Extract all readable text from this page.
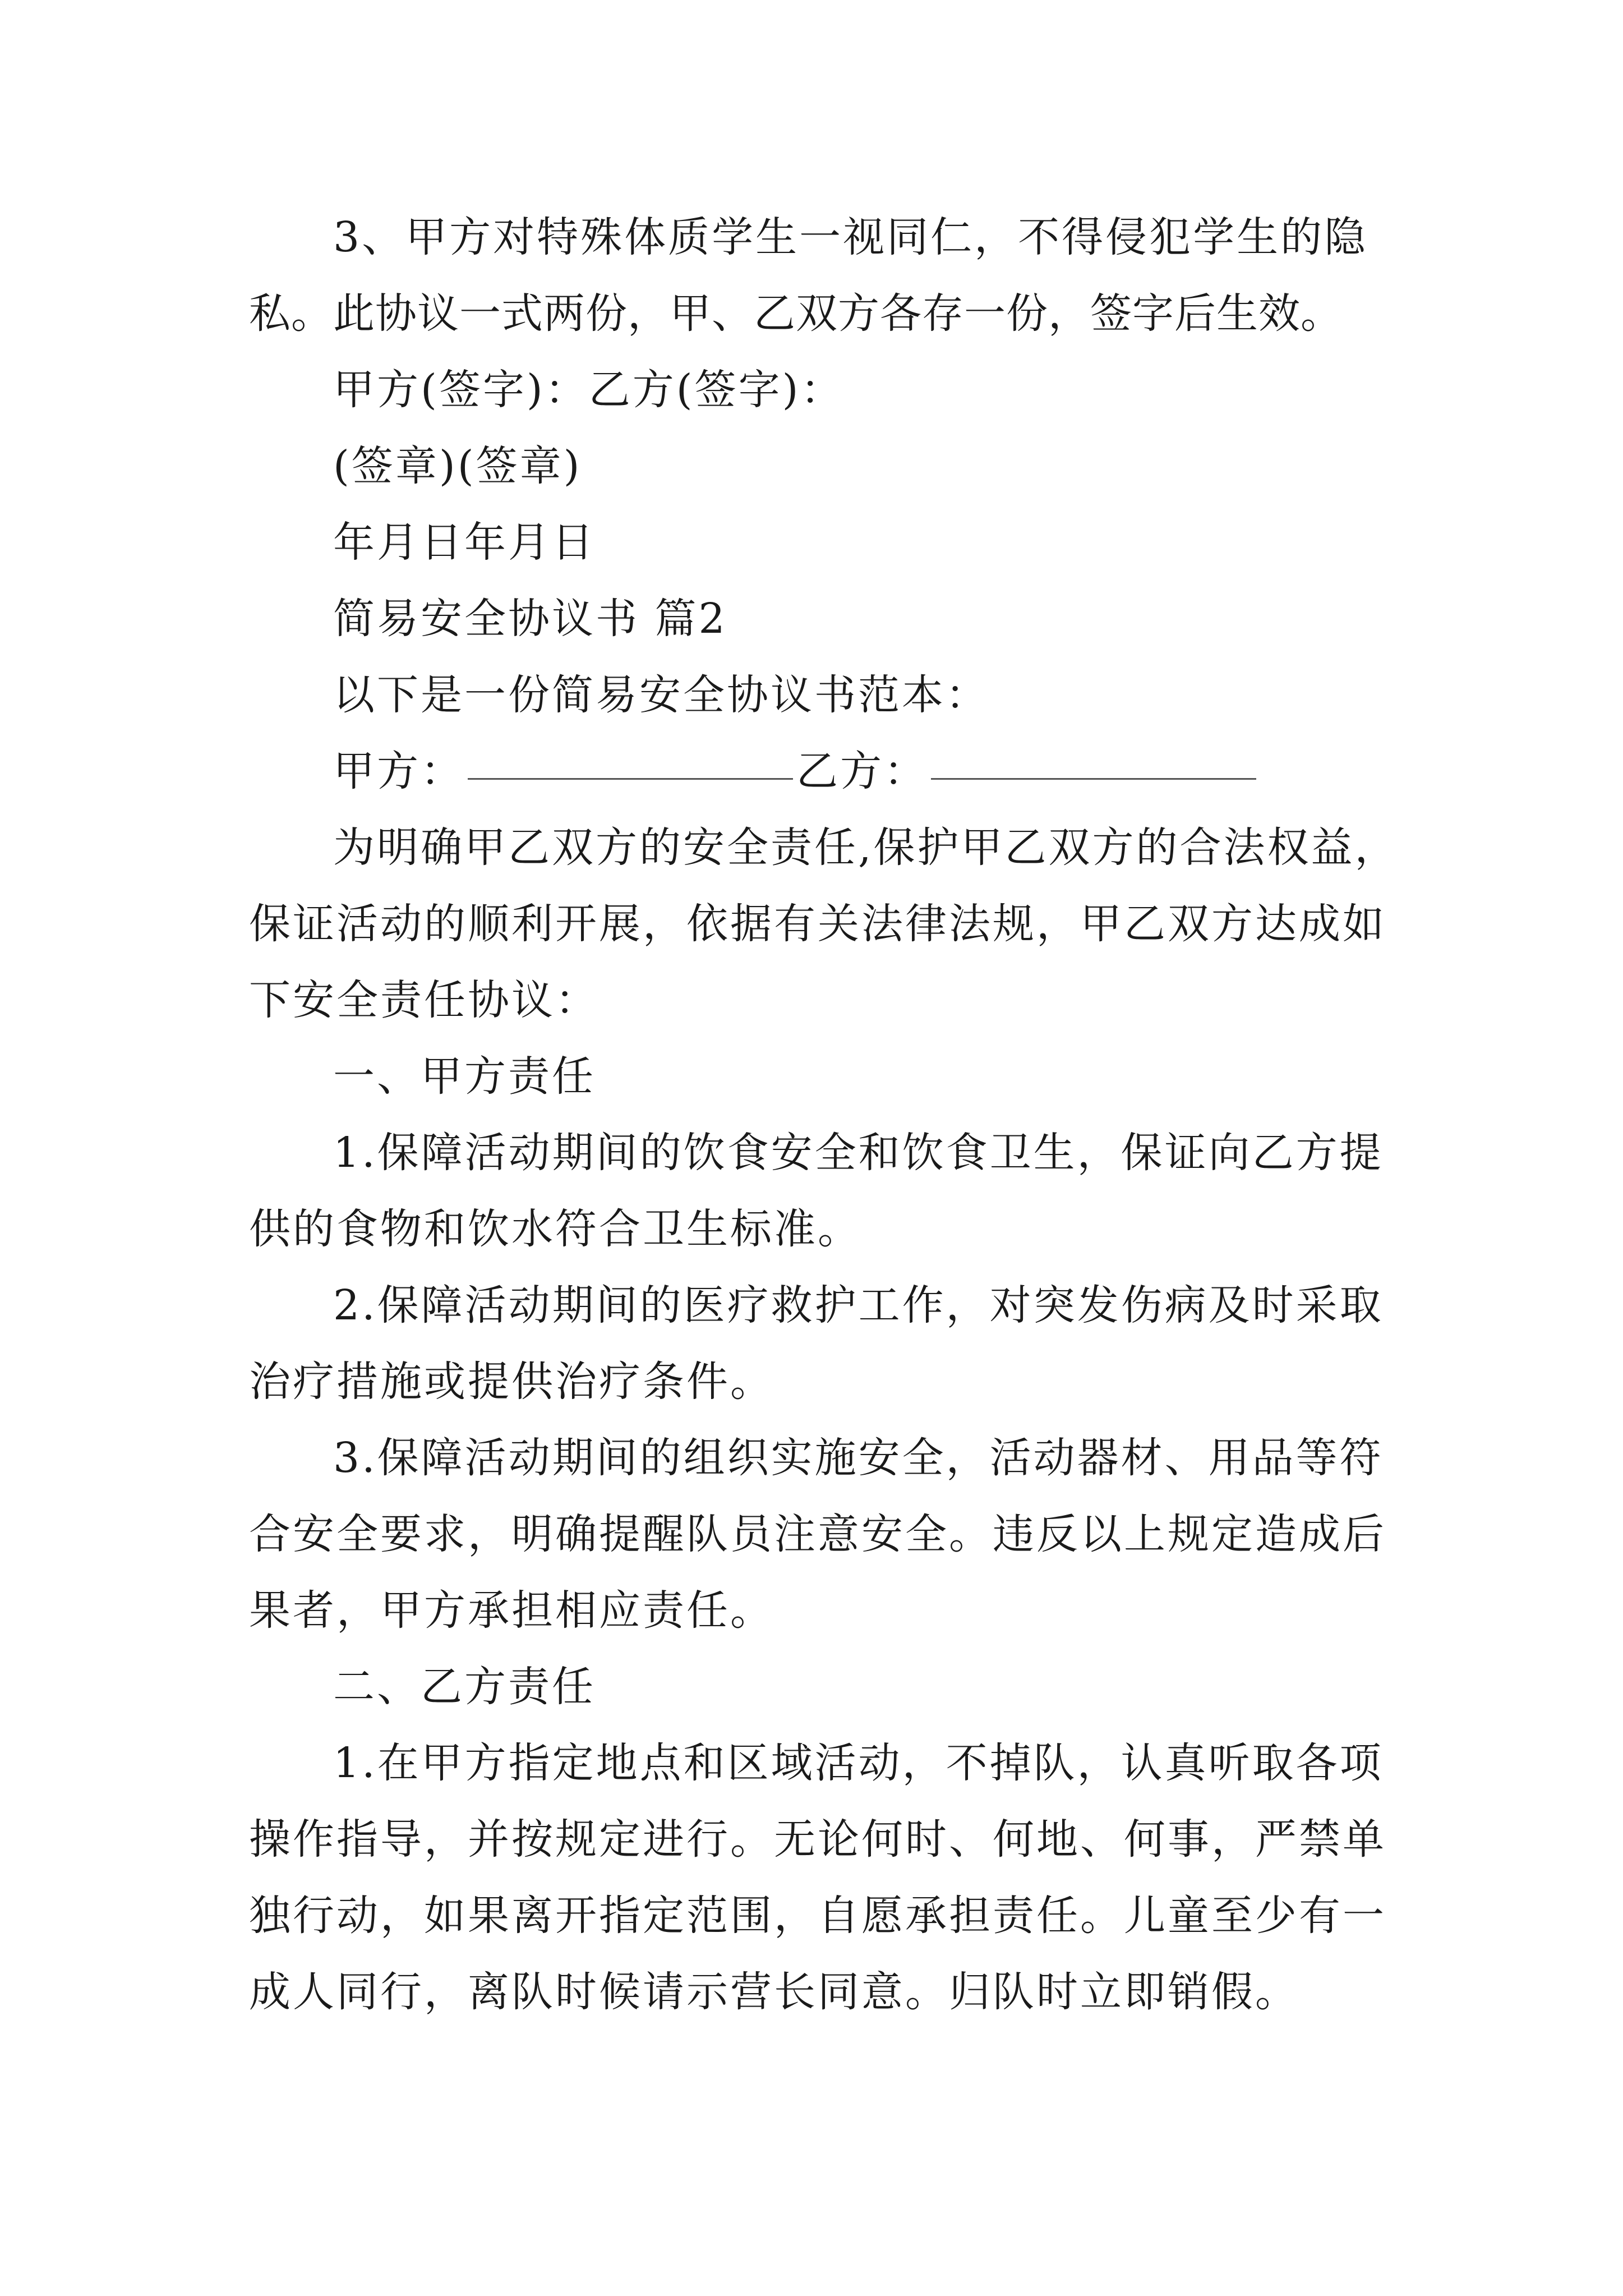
3、甲方对特殊体质学生一视同仁，不得侵犯学生的隐
私。此协议一式两份，甲、乙双方各存一份，签字后生效。
甲方(签字)：乙方(签字)：
(签章)(签章)
年月日年月日
简易安全协议书 篇2
以下是一份简易安全协议书范本：
甲方：	乙方：
为明确甲乙双方的安全责任,保护甲乙双方的合法权益，
保证活动的顺利开展，依据有关法律法规，甲乙双方达成如
下安全责任协议：
一、甲方责任
1.保障活动期间的饮食安全和饮食卫生，保证向乙方提
供的食物和饮水符合卫生标准。
2.保障活动期间的医疗救护工作，对突发伤病及时采取
治疗措施或提供治疗条件。
3.保障活动期间的组织实施安全，活动器材、用品等符
合安全要求，明确提醒队员注意安全。违反以上规定造成后
果者，甲方承担相应责任。
二、乙方责任
1.在甲方指定地点和区域活动，不掉队，认真听取各项
操作指导，并按规定进行。无论何时、何地、何事，严禁单
独行动，如果离开指定范围，自愿承担责任。儿童至少有一
成人同行，离队时候请示营长同意。归队时立即销假。
